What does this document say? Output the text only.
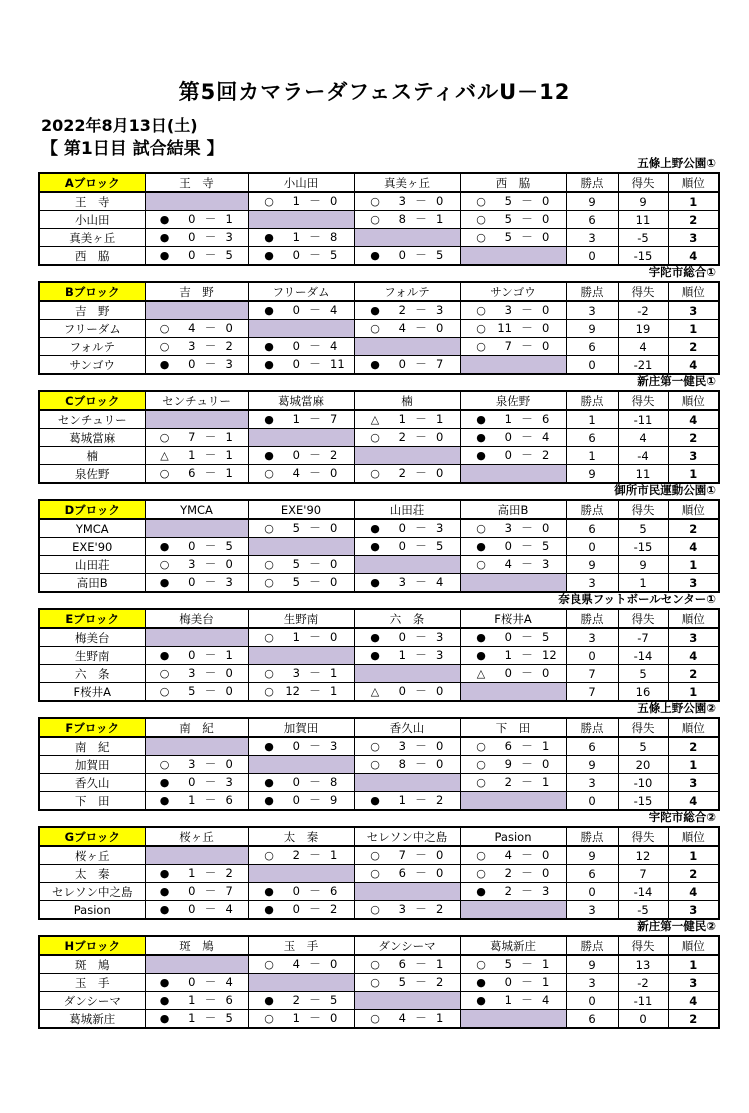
第5回カマラーダフェスティバルU－12
2022年8月13日(土)
【 第1日目 試合結果 】
五條上野公園①
Aブロック	王　寺	小山田	真美ヶ丘	西　脇	勝点	得失	順位
王　寺		○ 1 － 0	○ 3 － 0	○ 5 － 0	9	9	1
小山田	● 0 － 1		○ 8 － 1	○ 5 － 0	6	11	2
真美ヶ丘	● 0 － 3	● 1 － 8		○ 5 － 0	3	-5	3
西　脇	● 0 － 5	● 0 － 5	● 0 － 5		0	-15	4
宇陀市総合①
Bブロック	吉　野	フリーダム	フォルテ	サンゴウ	勝点	得失	順位
吉　野		● 0 － 4	● 2 － 3	○ 3 － 0	3	-2	3
フリーダム	○ 4 － 0		○ 4 － 0	○ 11 － 0	9	19	1
フォルテ	○ 3 － 2	● 0 － 4		○ 7 － 0	6	4	2
サンゴウ	● 0 － 3	● 0 － 11	● 0 － 7		0	-21	4
新庄第一健民①
Cブロック	センチュリー	葛城當麻	楠	泉佐野	勝点	得失	順位
センチュリー		● 1 － 7	△ 1 － 1	● 1 － 6	1	-11	4
葛城當麻	○ 7 － 1		○ 2 － 0	● 0 － 4	6	4	2
楠	△ 1 － 1	● 0 － 2		● 0 － 2	1	-4	3
泉佐野	○ 6 － 1	○ 4 － 0	○ 2 － 0		9	11	1
御所市民運動公園①
Dブロック	YMCA	EXE'90	山田荘	高田B	勝点	得失	順位
YMCA		○ 5 － 0	● 0 － 3	○ 3 － 0	6	5	2
EXE'90	● 0 － 5		● 0 － 5	● 0 － 5	0	-15	4
山田荘	○ 3 － 0	○ 5 － 0		○ 4 － 3	9	9	1
高田B	● 0 － 3	○ 5 － 0	● 3 － 4		3	1	3
奈良県フットボールセンター①
Eブロック	梅美台	生野南	六　条	F桜井A	勝点	得失	順位
梅美台		○ 1 － 0	● 0 － 3	● 0 － 5	3	-7	3
生野南	● 0 － 1		● 1 － 3	● 1 － 12	0	-14	4
六　条	○ 3 － 0	○ 3 － 1		△ 0 － 0	7	5	2
F桜井A	○ 5 － 0	○ 12 － 1	△ 0 － 0		7	16	1
五條上野公園②
Fブロック	南　紀	加賀田	香久山	下　田	勝点	得失	順位
南　紀		● 0 － 3	○ 3 － 0	○ 6 － 1	6	5	2
加賀田	○ 3 － 0		○ 8 － 0	○ 9 － 0	9	20	1
香久山	● 0 － 3	● 0 － 8		○ 2 － 1	3	-10	3
下　田	● 1 － 6	● 0 － 9	● 1 － 2		0	-15	4
宇陀市総合②
Gブロック	桜ヶ丘	太　秦	セレソン中之島	Pasion	勝点	得失	順位
桜ヶ丘		○ 2 － 1	○ 7 － 0	○ 4 － 0	9	12	1
太　秦	● 1 － 2		○ 6 － 0	○ 2 － 0	6	7	2
セレソン中之島	● 0 － 7	● 0 － 6		● 2 － 3	0	-14	4
Pasion	● 0 － 4	● 0 － 2	○ 3 － 2		3	-5	3
新庄第一健民②
Hブロック	斑　鳩	玉　手	ダンシーマ	葛城新庄	勝点	得失	順位
斑　鳩		○ 4 － 0	○ 6 － 1	○ 5 － 1	9	13	1
玉　手	● 0 － 4		○ 5 － 2	● 0 － 1	3	-2	3
ダンシーマ	● 1 － 6	● 2 － 5		● 1 － 4	0	-11	4
葛城新庄	● 1 － 5	○ 1 － 0	○ 4 － 1		6	0	2
